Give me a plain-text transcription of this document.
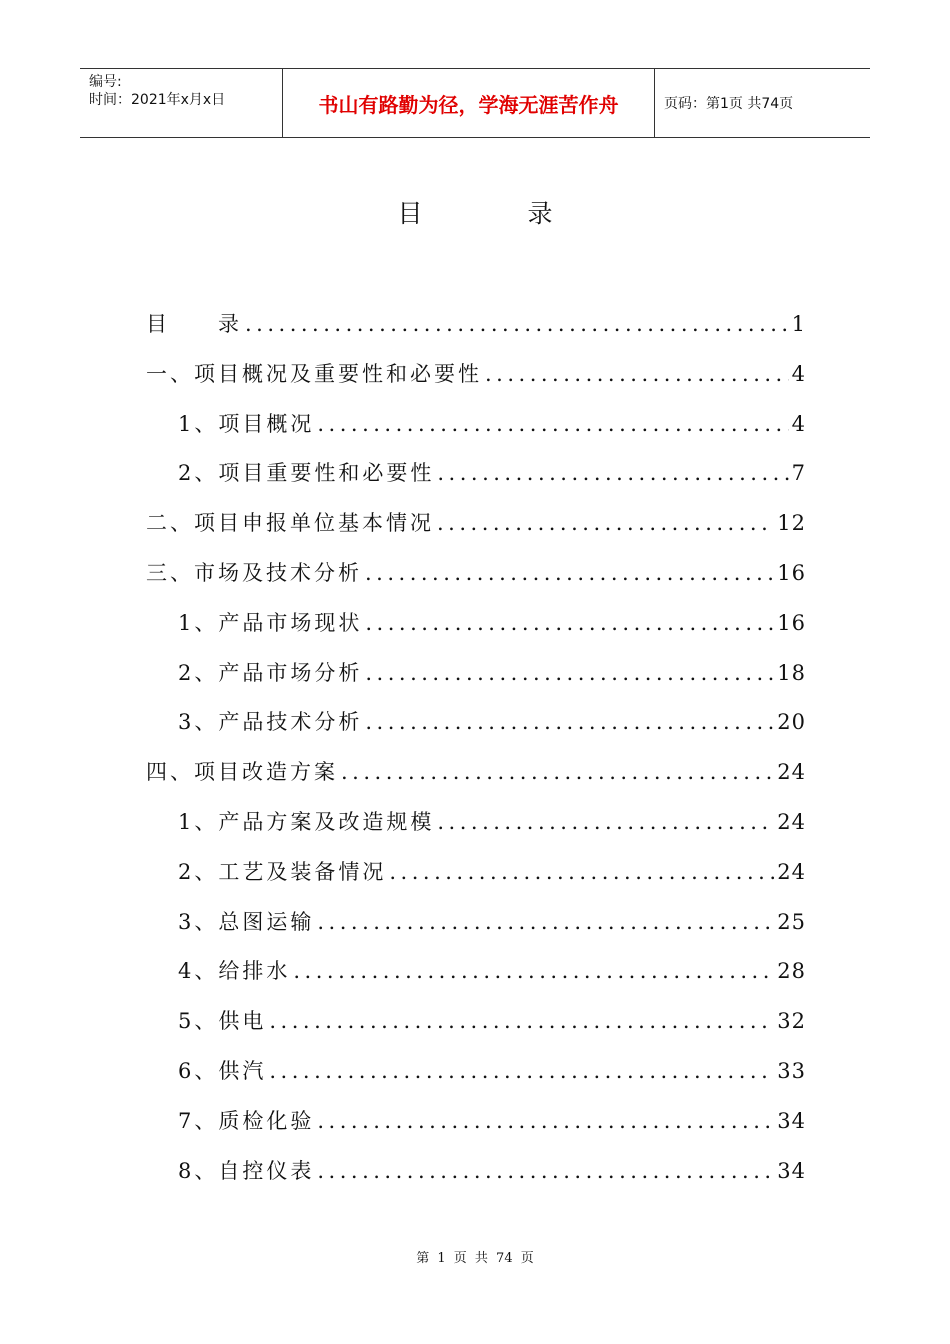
编号:
时间：2021年x月x日	书山有路勤为径，学海无涯苦作舟	页码：第1页 共74页
目　录
目　　录 .....	1
一、项目概况及重要性和必要性 .....	4
1、项目概况 .....	4
2、项目重要性和必要性 .....	7
二、项目申报单位基本情况 .....	12
三、市场及技术分析 .....	16
1、产品市场现状 .....	16
2、产品市场分析 .....	18
3、产品技术分析 .....	20
四、项目改造方案 .....	24
1、产品方案及改造规模 .....	24
2、工艺及装备情况 .....	24
3、总图运输 .....	25
4、给排水 .....	28
5、供电 .....	32
6、供汽 .....	33
7、质检化验 .....	34
8、自控仪表 .....	34
第 1 页 共 74 页
